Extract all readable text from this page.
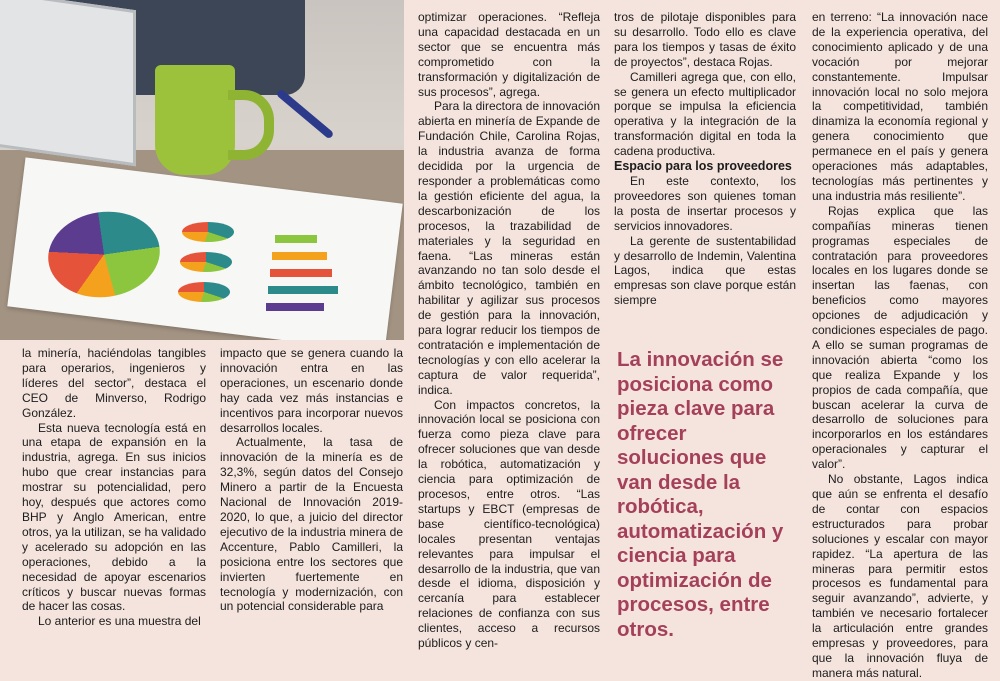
la minería, haciéndolas tangibles para operarios, ingenieros y líderes del sector”, destaca el CEO de Minverso, Rodrigo González.

Esta nueva tecnología está en una etapa de expansión en la industria, agrega. En sus inicios hubo que crear instancias para mostrar su potencialidad, pero hoy, después que actores como BHP y Anglo American, entre otros, ya la utilizan, se ha validado y acelerado su adopción en las operaciones, debido a la necesidad de apoyar escenarios críticos y buscar nuevas formas de hacer las cosas.

Lo anterior es una muestra del

impacto que se genera cuando la innovación entra en las operaciones, un escenario donde hay cada vez más instancias e incentivos para incorporar nuevos desarrollos locales.

Actualmente, la tasa de innovación de la minería es de 32,3%, según datos del Consejo Minero a partir de la Encuesta Nacional de Innovación 2019-2020, lo que, a juicio del director ejecutivo de la industria minera de Accenture, Pablo Camilleri, la posiciona entre los sectores que invierten fuertemente en tecnología y modernización, con un potencial considerable para

optimizar operaciones. “Refleja una capacidad destacada en un sector que se encuentra más comprometido con la transformación y digitalización de sus procesos”, agrega.

Para la directora de innovación abierta en minería de Expande de Fundación Chile, Carolina Rojas, la industria avanza de forma decidida por la urgencia de responder a problemáticas como la gestión eficiente del agua, la descarbonización de los procesos, la trazabilidad de materiales y la seguridad en faena. “Las mineras están avanzando no tan solo desde el ámbito tecnológico, también en habilitar y agilizar sus procesos de gestión para la innovación, para lograr reducir los tiempos de contratación e implementación de tecnologías y con ello acelerar la captura de valor requerida”, indica.

Con impactos concretos, la innovación local se posiciona con fuerza como pieza clave para ofrecer soluciones que van desde la robótica, automatización y ciencia para optimización de procesos, entre otros. “Las startups y EBCT (empresas de base científico-tecnológica) locales presentan ventajas relevantes para impulsar el desarrollo de la industria, que van desde el idioma, disposición y cercanía para establecer relaciones de confianza con sus clientes, acceso a recursos públicos y cen-

tros de pilotaje disponibles para su desarrollo. Todo ello es clave para los tiempos y tasas de éxito de proyectos”, destaca Rojas.

Camilleri agrega que, con ello, se genera un efecto multiplicador porque se impulsa la eficiencia operativa y la integración de la transformación digital en toda la cadena productiva.

Espacio para los proveedores

En este contexto, los proveedores son quienes toman la posta de insertar procesos y servicios innovadores.

La gerente de sustentabilidad y desarrollo de Indemin, Valentina Lagos, indica que estas empresas son clave porque están siempre

La innovación se posiciona como pieza clave para ofrecer soluciones que van desde la robótica, automatización y ciencia para optimización de procesos, entre otros.

en terreno: “La innovación nace de la experiencia operativa, del conocimiento aplicado y de una vocación por mejorar constantemente. Impulsar innovación local no solo mejora la competitividad, también dinamiza la economía regional y genera conocimiento que permanece en el país y genera operaciones más adaptables, tecnologías más pertinentes y una industria más resiliente”.

Rojas explica que las compañías mineras tienen programas especiales de contratación para proveedores locales en los lugares donde se insertan las faenas, con beneficios como mayores opciones de adjudicación y condiciones especiales de pago. A ello se suman programas de innovación abierta “como los que realiza Expande y los propios de cada compañía, que buscan acelerar la curva de desarrollo de soluciones para incorporarlos en los estándares operacionales y capturar el valor”.

No obstante, Lagos indica que aún se enfrenta el desafío de contar con espacios estructurados para probar soluciones y escalar con mayor rapidez. “La apertura de las mineras para permitir estos procesos es fundamental para seguir avanzando”, advierte, y también ve necesario fortalecer la articulación entre grandes empresas y proveedores, para que la innovación fluya de manera más natural.
